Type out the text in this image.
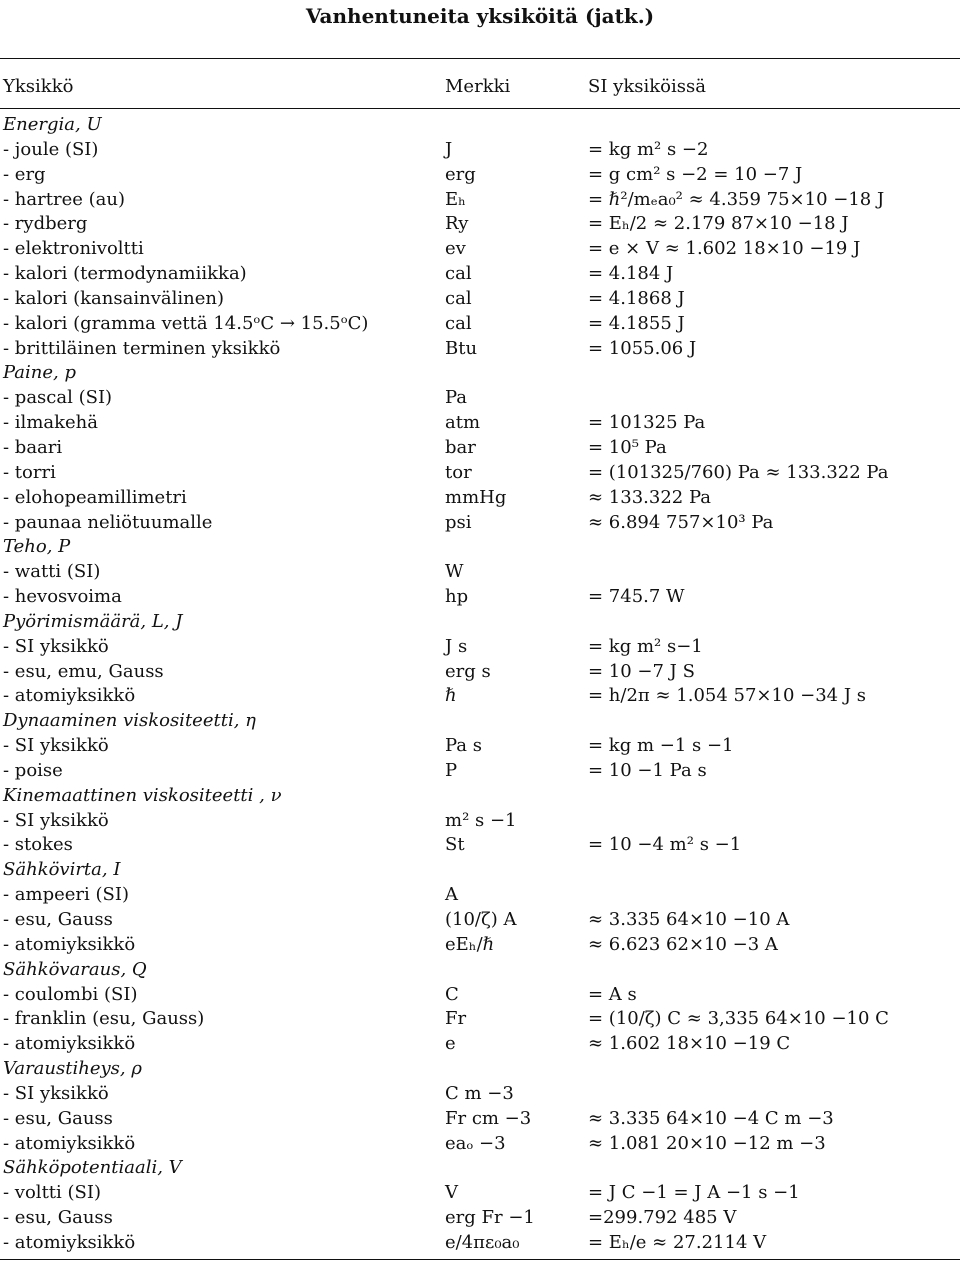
Vanhentuneita yksiköitä (jatk.)
Yksikkö	Merkki	SI yksiköissä
Energia, U
- joule (SI)	J	= kg m² s −2
- erg	erg	= g cm² s −2 = 10 −7 J
- hartree (au)	Eₕ	= ℏ²/mₑa₀² ≈ 4.359 75×10 −18 J
- rydberg	Ry	= Eₕ/2 ≈ 2.179 87×10 −18 J
- elektronivoltti	ev	= e × V ≈ 1.602 18×10 −19 J
- kalori (termodynamiikka)	cal	= 4.184 J
- kalori (kansainvälinen)	cal	= 4.1868 J
- kalori (gramma vettä 14.5ᵒC → 15.5ᵒC)	cal	= 4.1855 J
- brittiläinen terminen yksikkö	Btu	= 1055.06 J
Paine, p
- pascal (SI)	Pa
- ilmakehä	atm	= 101325 Pa
- baari	bar	= 10⁵ Pa
- torri	tor	= (101325/760) Pa ≈ 133.322 Pa
- elohopeamillimetri	mmHg	≈ 133.322 Pa
- paunaa neliötuumalle	psi	≈ 6.894 757×10³ Pa
Teho, P
- watti (SI)	W
- hevosvoima	hp	= 745.7 W
Pyörimismäärä, L, J
- SI yksikkö	J s	= kg m² s−1
- esu, emu, Gauss	erg s	= 10 −7 J S
- atomiyksikkö	ℏ	= h/2π ≈ 1.054 57×10 −34 J s
Dynaaminen viskositeetti, η
- SI yksikkö	Pa s	= kg m −1 s −1
- poise	P	= 10 −1 Pa s
Kinemaattinen viskositeetti , ν
- SI yksikkö	m² s −1
- stokes	St	= 10 −4 m² s −1
Sähkövirta, I
- ampeeri (SI)	A
- esu, Gauss	(10/ζ) A	≈ 3.335 64×10 −10 A
- atomiyksikkö	eEₕ/ℏ	≈ 6.623 62×10 −3 A
Sähkövaraus, Q
- coulombi (SI)	C	= A s
- franklin (esu, Gauss)	Fr	= (10/ζ) C ≈ 3,335 64×10 −10 C
- atomiyksikkö	e	≈ 1.602 18×10 −19 C
Varaustiheys, ρ
- SI yksikkö	C m −3
- esu, Gauss	Fr cm −3	≈ 3.335 64×10 −4 C m −3
- atomiyksikkö	eaₒ −3	≈ 1.081 20×10 −12 m −3
Sähköpotentiaali, V
- voltti (SI)	V	= J C −1 = J A −1 s −1
- esu, Gauss	erg Fr −1	=299.792 485 V
- atomiyksikkö	e/4πε₀a₀	= Eₕ/e ≈ 27.2114 V
